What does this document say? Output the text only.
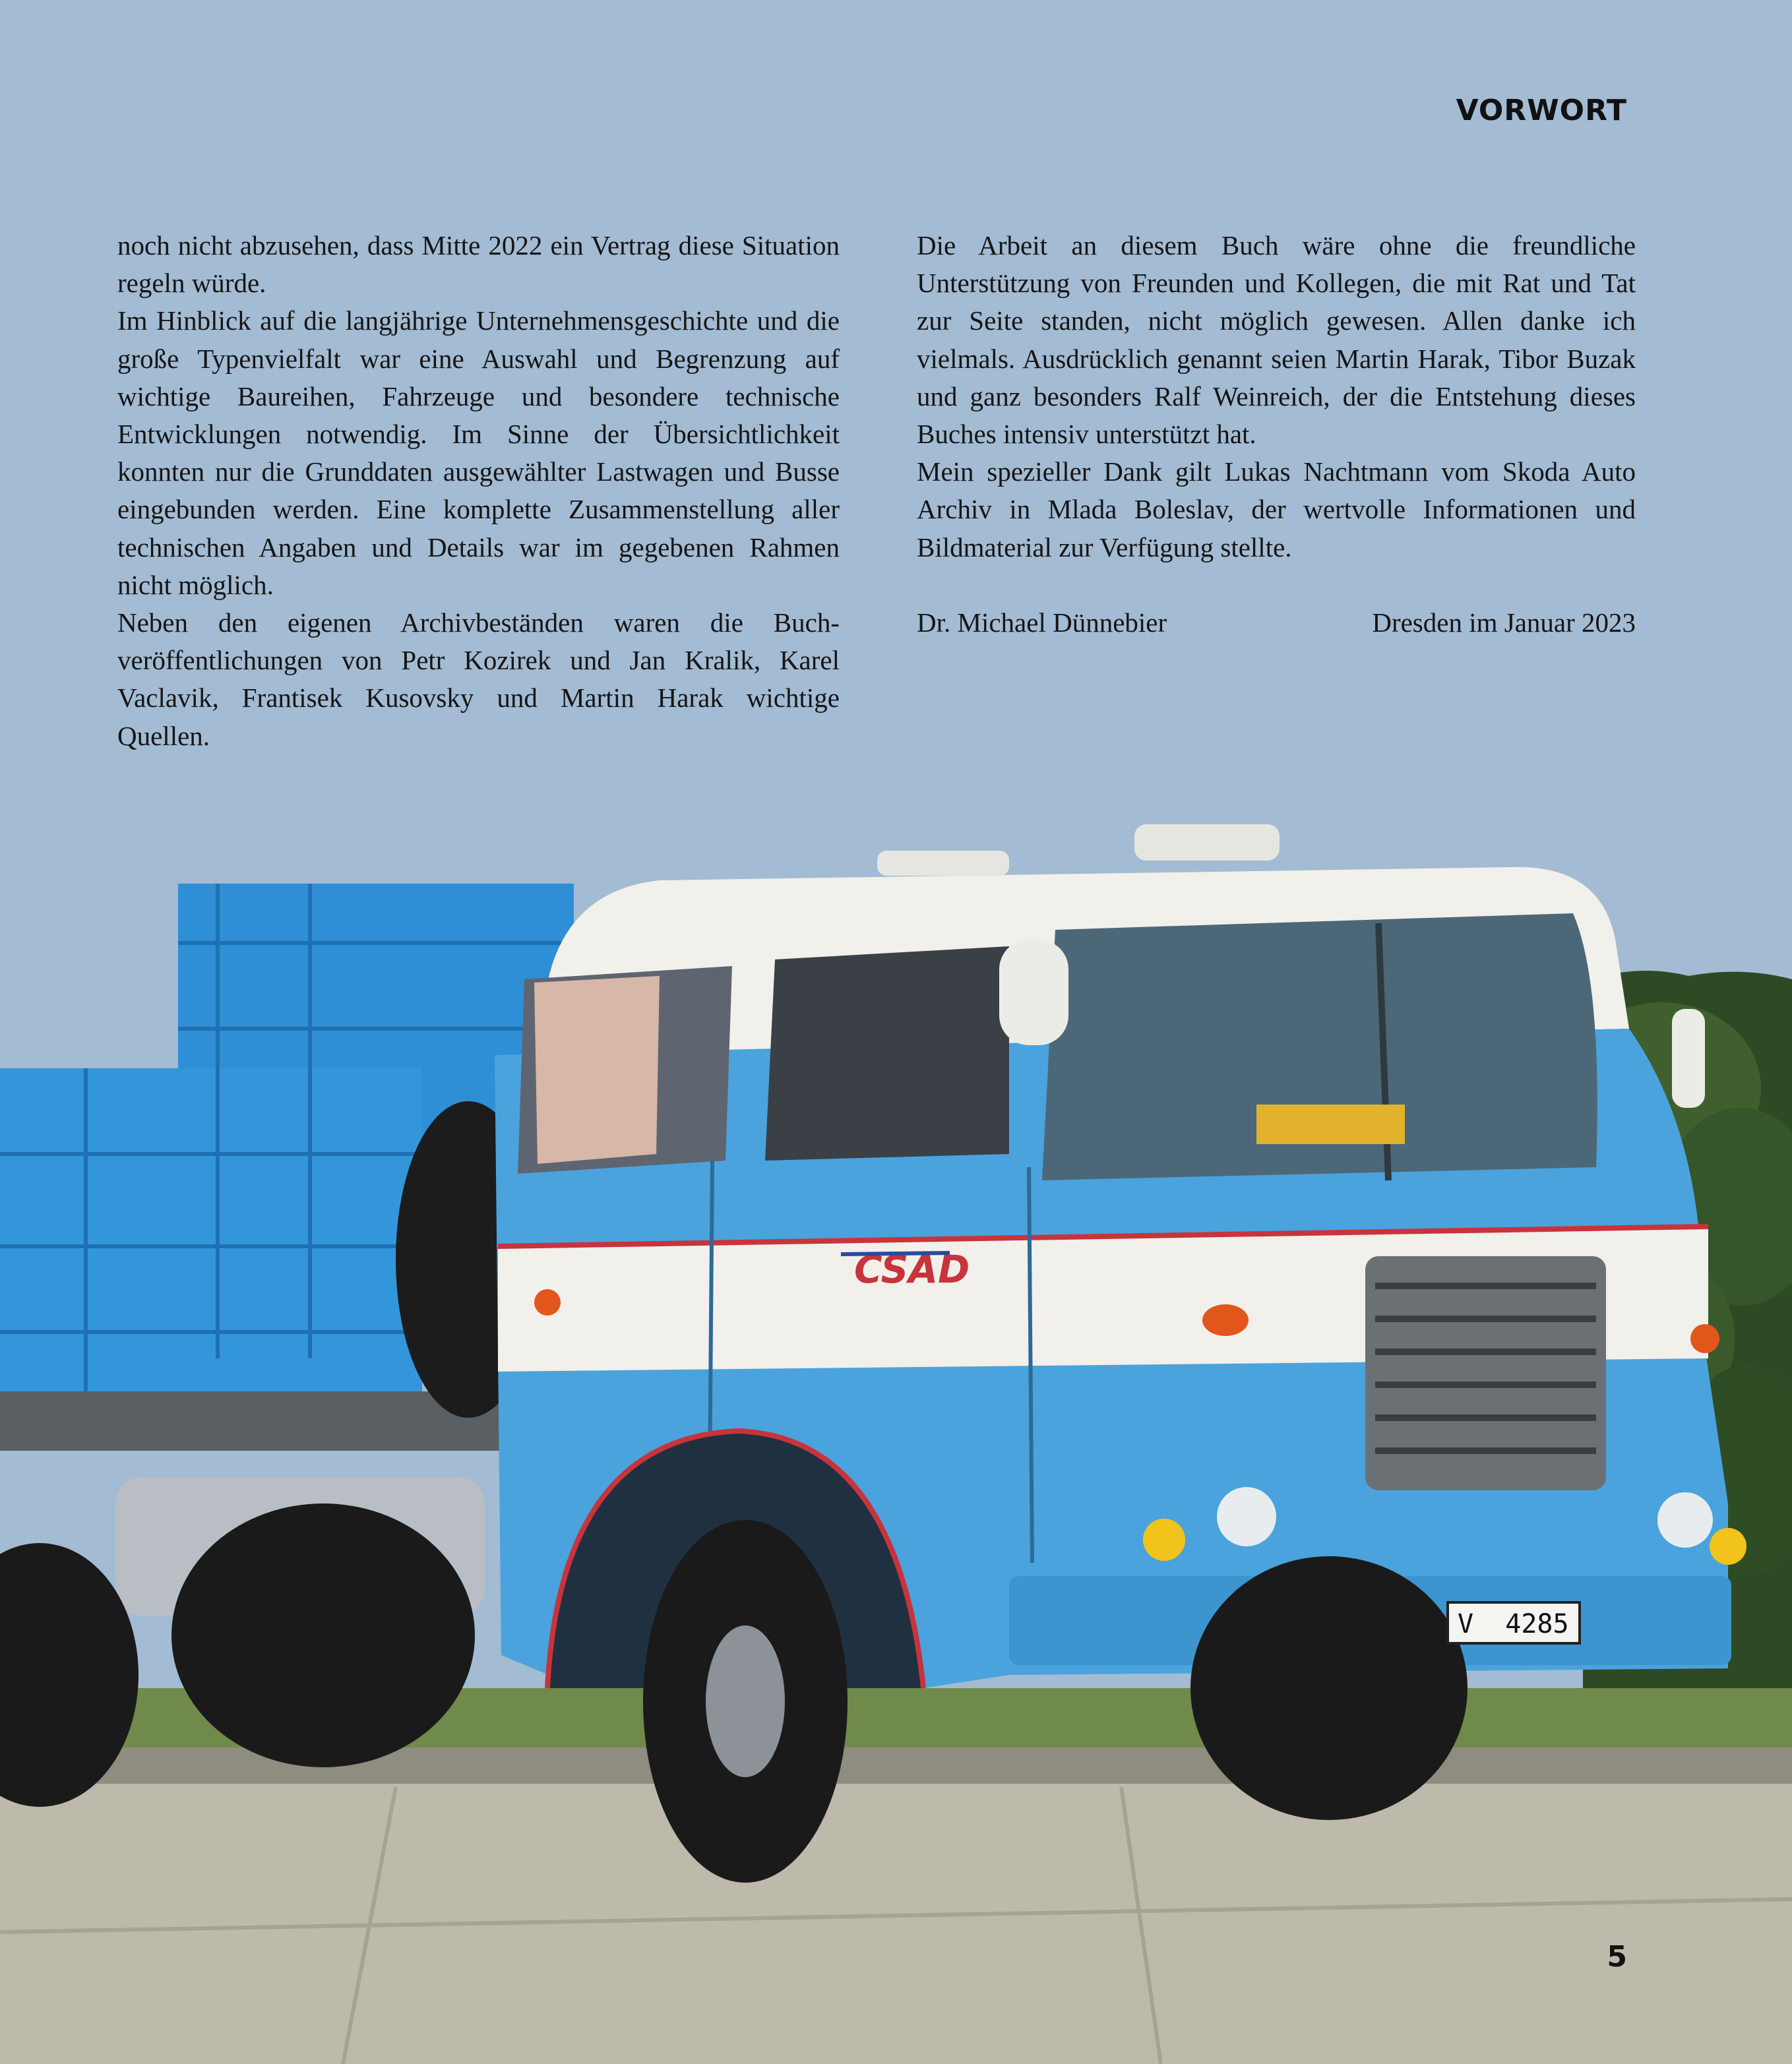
VORWORT

noch nicht abzusehen, dass Mitte 2022 ein Vertrag diese Situation regeln würde.

Im Hinblick auf die langjährige Unternehmensgeschichte und die große Typenvielfalt war eine Auswahl und Begrenzung auf wichtige Baureihen, Fahrzeuge und besondere technische Entwicklungen notwendig. Im Sinne der Übersichtlichkeit konnten nur die Grunddaten ausgewählter Lastwagen und Busse eingebunden werden. Eine komplette Zusammenstellung aller technischen Angaben und Details war im gegebenen Rahmen nicht möglich.

Neben den eigenen Archivbeständen waren die Buchveröffentlichungen von Petr Kozirek und Jan Kralik, Karel Vaclavik, Frantisek Kusovsky und Martin Harak wichtige Quellen.

Die Arbeit an diesem Buch wäre ohne die freundliche Unterstützung von Freunden und Kollegen, die mit Rat und Tat zur Seite standen, nicht möglich gewesen. Allen danke ich vielmals. Ausdrücklich genannt seien Martin Harak, Tibor Buzak und ganz besonders Ralf Weinreich, der die Entstehung dieses Buches intensiv unterstützt hat.

Mein spezieller Dank gilt Lukas Nachtmann vom Skoda Auto Archiv in Mlada Boleslav, der wertvolle Informationen und Bildmaterial zur Verfügung stellte.

Dr. Michael Dünnebier	Dresden im Januar 2023
CSAD
V  4285
5
